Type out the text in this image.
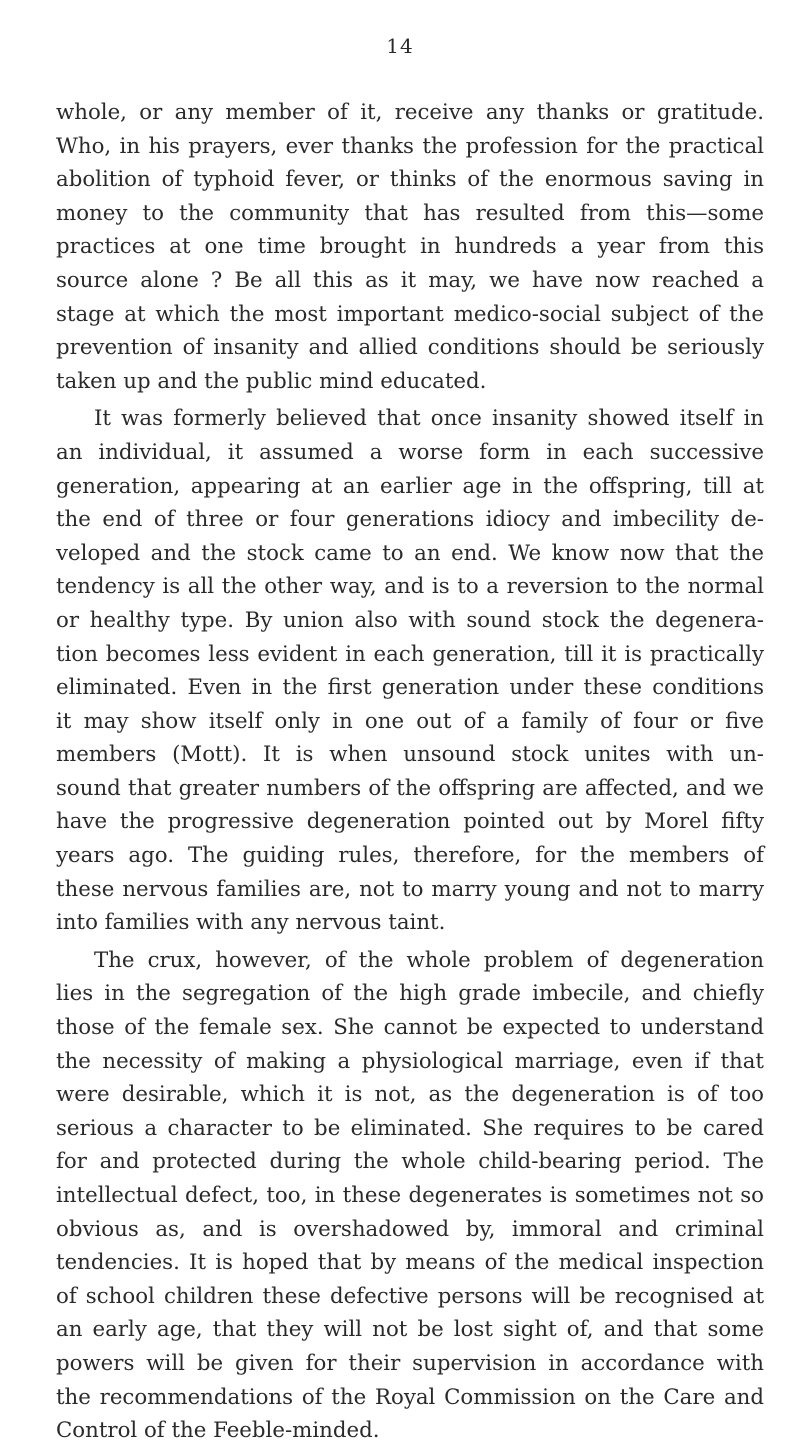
14
whole, or any member of it, receive any thanks or gratitude.
Who, in his prayers, ever thanks the profession for the practical
abolition of typhoid fever, or thinks of the enormous saving in
money to the community that has resulted from this—some
practices at one time brought in hundreds a year from this
source alone ? Be all this as it may, we have now reached a
stage at which the most important medico-social subject of the
prevention of insanity and allied conditions should be seriously
taken up and the public mind educated.
It was formerly believed that once insanity showed itself in
an individual, it assumed a worse form in each successive
generation, appearing at an earlier age in the offspring, till at
the end of three or four generations idiocy and imbecility de-
veloped and the stock came to an end. We know now that the
tendency is all the other way, and is to a reversion to the normal
or healthy type. By union also with sound stock the degenera-
tion becomes less evident in each generation, till it is practically
eliminated. Even in the first generation under these conditions
it may show itself only in one out of a family of four or five
members (Mott). It is when unsound stock unites with un-
sound that greater numbers of the offspring are affected, and we
have the progressive degeneration pointed out by Morel fifty
years ago. The guiding rules, therefore, for the members of
these nervous families are, not to marry young and not to marry
into families with any nervous taint.
The crux, however, of the whole problem of degeneration
lies in the segregation of the high grade imbecile, and chiefly
those of the female sex. She cannot be expected to understand
the necessity of making a physiological marriage, even if that
were desirable, which it is not, as the degeneration is of too
serious a character to be eliminated. She requires to be cared
for and protected during the whole child-bearing period. The
intellectual defect, too, in these degenerates is sometimes not so
obvious as, and is overshadowed by, immoral and criminal
tendencies. It is hoped that by means of the medical inspection
of school children these defective persons will be recognised at
an early age, that they will not be lost sight of, and that some
powers will be given for their supervision in accordance with
the recommendations of the Royal Commission on the Care and
Control of the Feeble-minded.
